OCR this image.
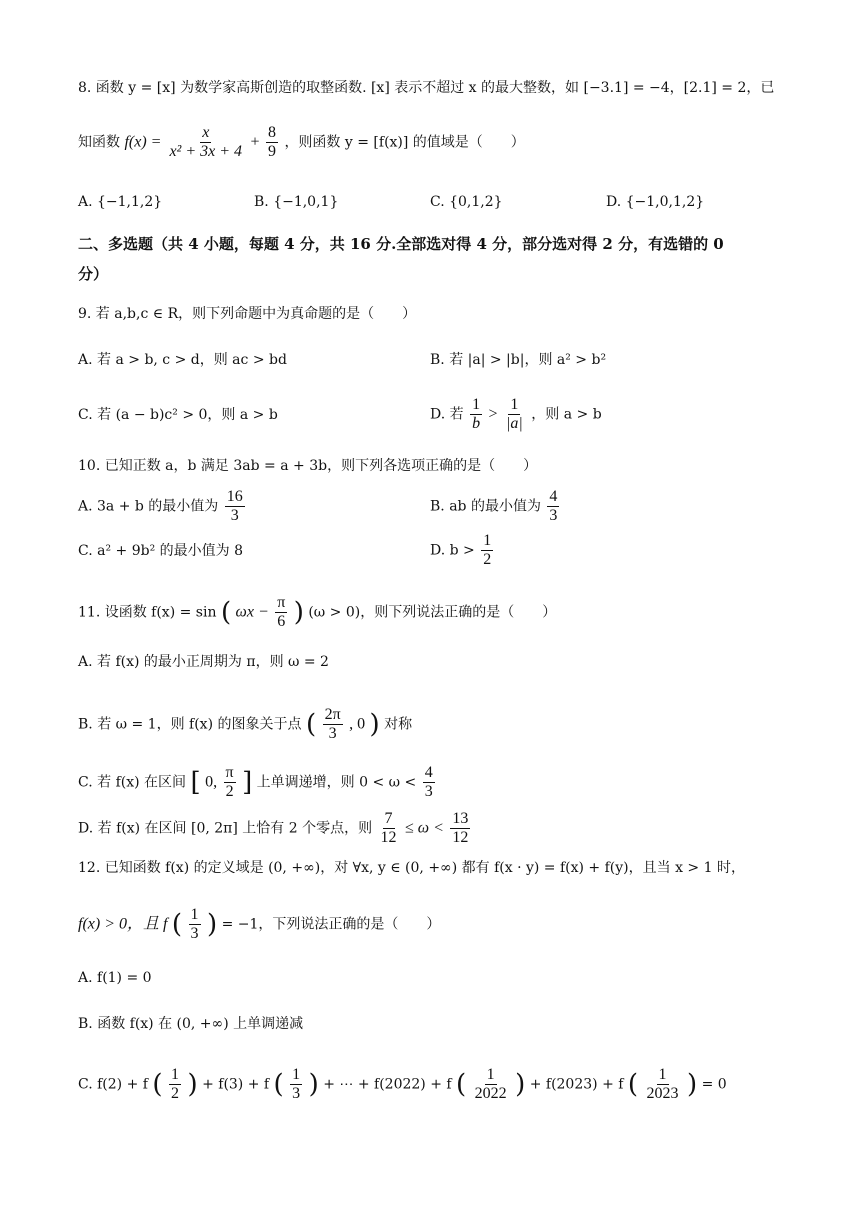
8. 函数 y = [x] 为数学家高斯创造的取整函数. [x] 表示不超过 x 的最大整数，如 [−3.1] = −4，[2.1] = 2，已
知函数 $f(x) = \frac{x}{\text{x² + 3x + 4}} + \frac{8}{9}$ ，则函数 y = [f(x)] 的值域是（　　）
A. {−1,1,2}	B. {−1,0,1}	C. {0,1,2}	D. {−1,0,1,2}
二、多选题（共 4 小题，每题 4 分，共 16 分.全部选对得 4 分，部分选对得 2 分，有选错的 0
分）
9. 若 a,b,c ∈ R，则下列命题中为真命题的是（　　）
A. 若 a > b, c > d，则 ac > bd	B. 若 |a| > |b|，则 a² > b²
C. 若 (a − b)c² > 0，则 a > b	D. 若 $\frac{1}{b} > \frac{1}{|a|}$ ，则 a > b
10. 已知正数 a，b 满足 3ab = a + 3b，则下列各选项正确的是（　　）
A. 3a + b 的最小值为 $\frac{16}{3}$	B. ab 的最小值为 $\frac{4}{3}$
C. a² + 9b² 的最小值为 8	D. $b > \frac{1}{2}$
11. 设函数 f(x) = sin ( $\omega x - \frac{\pi}{6}$ ) (ω > 0)，则下列说法正确的是（　　）
A. 若 f(x) 的最小正周期为 π，则 ω = 2
B. 若 ω = 1，则 f(x) 的图象关于点 ( $\frac{2\pi}{3}$ , 0 ) 对称
C. 若 f(x) 在区间 [ 0, $\frac{\pi}{2}$ ] 上单调递增，则 $0 < \omega < \frac{4}{3}$
D. 若 f(x) 在区间 [0, 2π] 上恰有 2 个零点，则 $\frac{7}{12} \le \omega < \frac{13}{12}$
12. 已知函数 f(x) 的定义域是 (0, +∞)，对 ∀x, y ∈ (0, +∞) 都有 f(x · y) = f(x) + f(y)，且当 x > 1 时，
f(x) > 0，且 f ( $\frac{1}{3}$ ) = −1，下列说法正确的是（　　）
A. f(1) = 0
B. 函数 f(x) 在 (0, +∞) 上单调递减
C. f(2) + f ( $\frac{1}{2}$ ) + f(3) + f ( $\frac{1}{3}$ ) + ⋯ + f(2022) + f ( $\frac{1}{2022}$ ) + f(2023) + f ( $\frac{1}{2023}$ ) = 0
